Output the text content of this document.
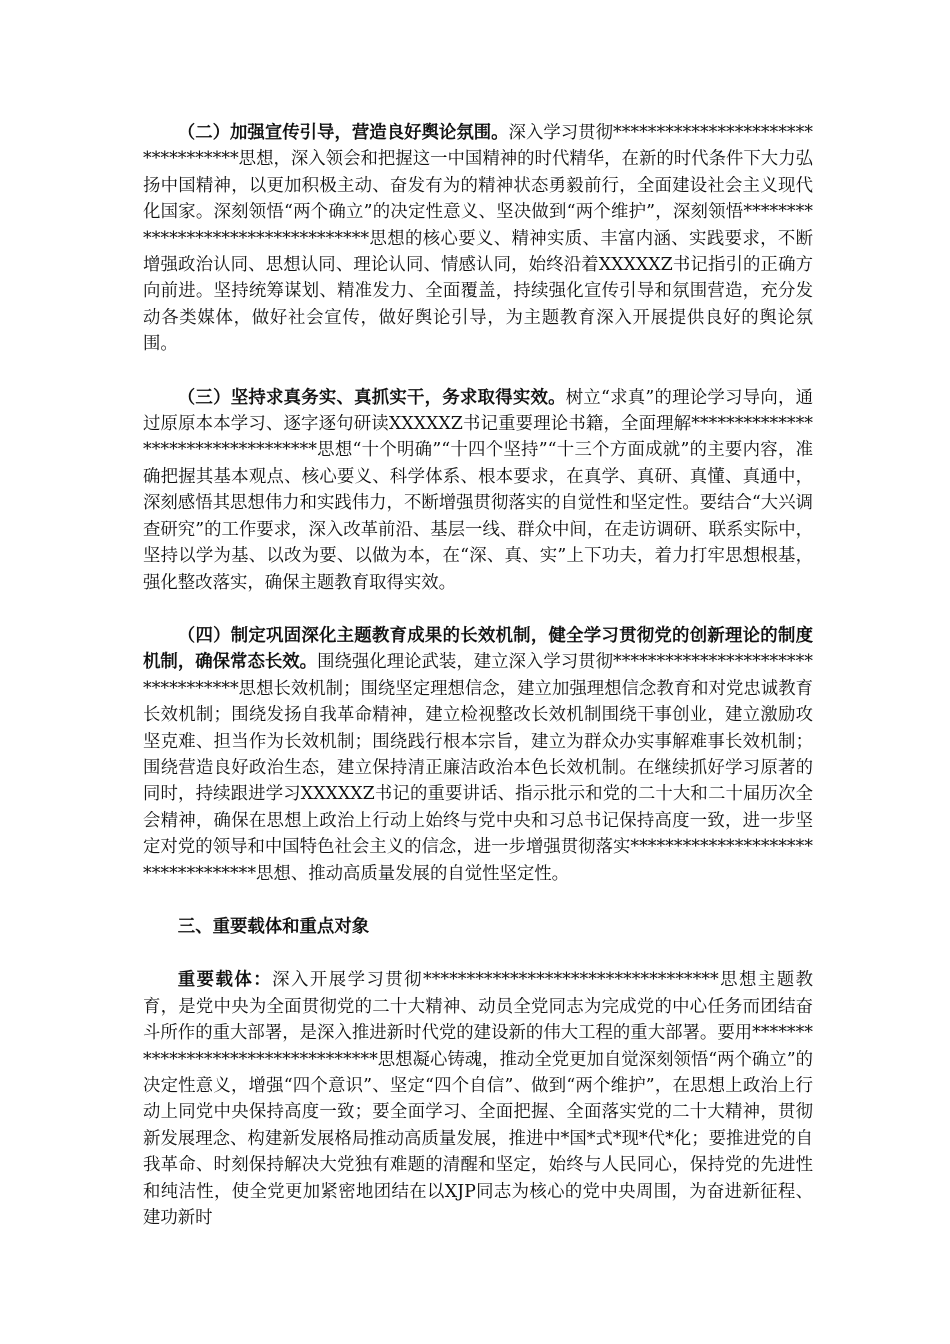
（二）加强宣传引导，营造良好舆论氛围。深入学习贯彻**********************************思想，深入领会和把握这一中国精神的时代精华，在新的时代条件下大力弘扬中国精神，以更加积极主动、奋发有为的精神状态勇毅前行，全面建设社会主义现代化国家。深刻领悟“两个确立”的决定性意义、坚决做到“两个维护”，深刻领悟**********************************思想的核心要义、精神实质、丰富内涵、实践要求，不断增强政治认同、思想认同、理论认同、情感认同，始终沿着XXXXXZ书记指引的正确方向前进。坚持统筹谋划、精准发力、全面覆盖，持续强化宣传引导和氛围营造，充分发动各类媒体，做好社会宣传，做好舆论引导，为主题教育深入开展提供良好的舆论氛围。

（三）坚持求真务实、真抓实干，务求取得实效。树立“求真”的理论学习导向，通过原原本本学习、逐字逐句研读XXXXXZ书记重要理论书籍，全面理解**********************************思想“十个明确”“十四个坚持”“十三个方面成就”的主要内容，准确把握其基本观点、核心要义、科学体系、根本要求，在真学、真研、真懂、真通中，深刻感悟其思想伟力和实践伟力，不断增强贯彻落实的自觉性和坚定性。要结合“大兴调查研究”的工作要求，深入改革前沿、基层一线、群众中间，在走访调研、联系实际中，坚持以学为基、以改为要、以做为本，在“深、真、实”上下功夫，着力打牢思想根基，强化整改落实，确保主题教育取得实效。

（四）制定巩固深化主题教育成果的长效机制，健全学习贯彻党的创新理论的制度机制，确保常态长效。围绕强化理论武装，建立深入学习贯彻**********************************思想长效机制；围绕坚定理想信念，建立加强理想信念教育和对党忠诚教育长效机制；围绕发扬自我革命精神，建立检视整改长效机制围绕干事创业，建立激励攻坚克难、担当作为长效机制；围绕践行根本宗旨，建立为群众办实事解难事长效机制；围绕营造良好政治生态，建立保持清正廉洁政治本色长效机制。在继续抓好学习原著的同时，持续跟进学习XXXXXZ书记的重要讲话、指示批示和党的二十大和二十届历次全会精神，确保在思想上政治上行动上始终与党中央和习总书记保持高度一致，进一步坚定对党的领导和中国特色社会主义的信念，进一步增强贯彻落实**********************************思想、推动高质量发展的自觉性坚定性。

三、重要载体和重点对象

重要载体：深入开展学习贯彻**********************************思想主题教育，是党中央为全面贯彻党的二十大精神、动员全党同志为完成党的中心任务而团结奋斗所作的重大部署，是深入推进新时代党的建设新的伟大工程的重大部署。要用**********************************思想凝心铸魂，推动全党更加自觉深刻领悟“两个确立”的决定性意义，增强“四个意识”、坚定“四个自信”、做到“两个维护”，在思想上政治上行动上同党中央保持高度一致；要全面学习、全面把握、全面落实党的二十大精神，贯彻新发展理念、构建新发展格局推动高质量发展，推进中*国*式*现*代*化；要推进党的自我革命、时刻保持解决大党独有难题的清醒和坚定，始终与人民同心，保持党的先进性和纯洁性，使全党更加紧密地团结在以XJP同志为核心的党中央周围，为奋进新征程、建功新时
